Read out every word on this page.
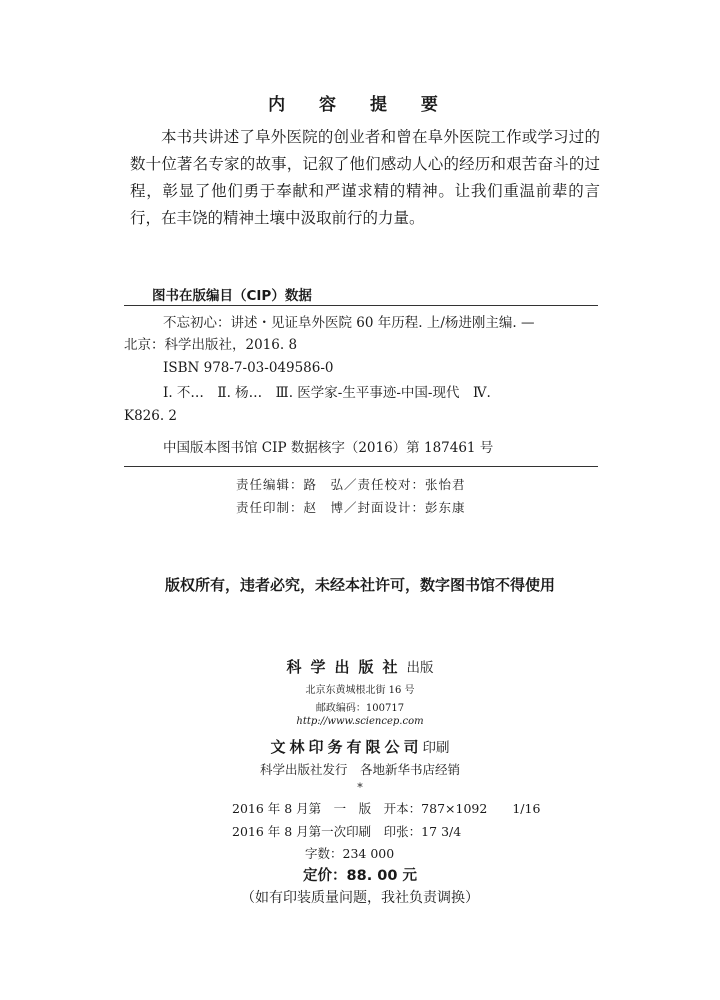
内 容 提 要
本书共讲述了阜外医院的创业者和曾在阜外医院工作或学习过的数十位著名专家的故事，记叙了他们感动人心的经历和艰苦奋斗的过程，彰显了他们勇于奉献和严谨求精的精神。让我们重温前辈的言行，在丰饶的精神土壤中汲取前行的力量。
图书在版编目（CIP）数据
不忘初心：讲述・见证阜外医院 60 年历程. 上/杨进刚主编. —
北京：科学出版社，2016. 8
ISBN 978-7-03-049586-0
Ⅰ. 不…　Ⅱ. 杨…　Ⅲ. 医学家-生平事迹-中国-现代　Ⅳ.
K826. 2
中国版本图书馆 CIP 数据核字（2016）第 187461 号
责任编辑：路　弘／责任校对：张怡君
责任印制：赵　博／封面设计：彭东康
版权所有，违者必究，未经本社许可，数字图书馆不得使用
科学出版社出版
北京东黄城根北街 16 号
邮政编码：100717
http://www.sciencep.com
文林印务有限公司印刷
科学出版社发行　各地新华书店经销
*
2016 年 8 月第　一　版　开本：787×1092　　1/16
2016 年 8 月第一次印刷　印张：17 3/4
字数：234 000
定价：88. 00 元
（如有印装质量问题，我社负责调换）
